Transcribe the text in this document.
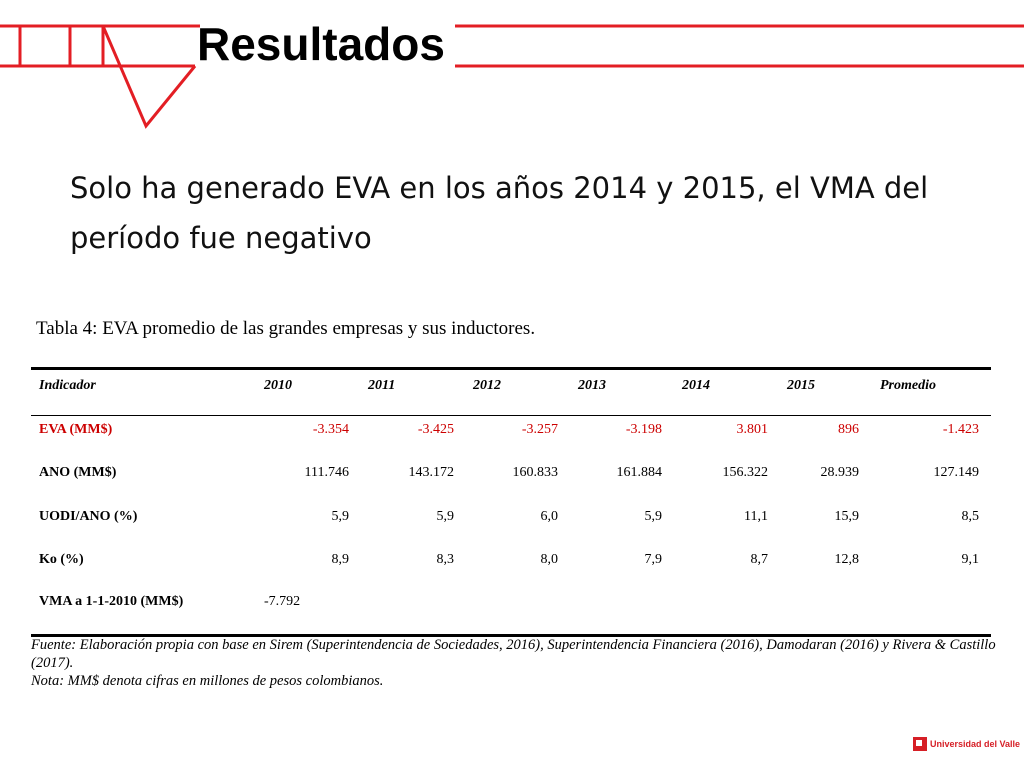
Resultados
Solo ha generado EVA en los años 2014 y 2015, el VMA del período fue negativo
Tabla 4: EVA promedio de las grandes empresas y sus inductores.
Indicador	2010	2011	2012	2013	2014	2015	Promedio
EVA (MM$)	-3.354	-3.425	-3.257	-3.198	3.801	896	-1.423
ANO (MM$)	111.746	143.172	160.833	161.884	156.322	28.939	127.149
UODI/ANO (%)	5,9	5,9	6,0	5,9	11,1	15,9	8,5
Ko (%)	8,9	8,3	8,0	7,9	8,7	12,8	9,1
VMA a 1-1-2010 (MM$)	-7.792

Fuente: Elaboración propia con base en Sirem (Superintendencia de Sociedades, 2016), Superintendencia Financiera (2016), Damodaran (2016) y Rivera & Castillo (2017).

Nota: MM$ denota cifras en millones de pesos colombianos.

Universidad del Valle
